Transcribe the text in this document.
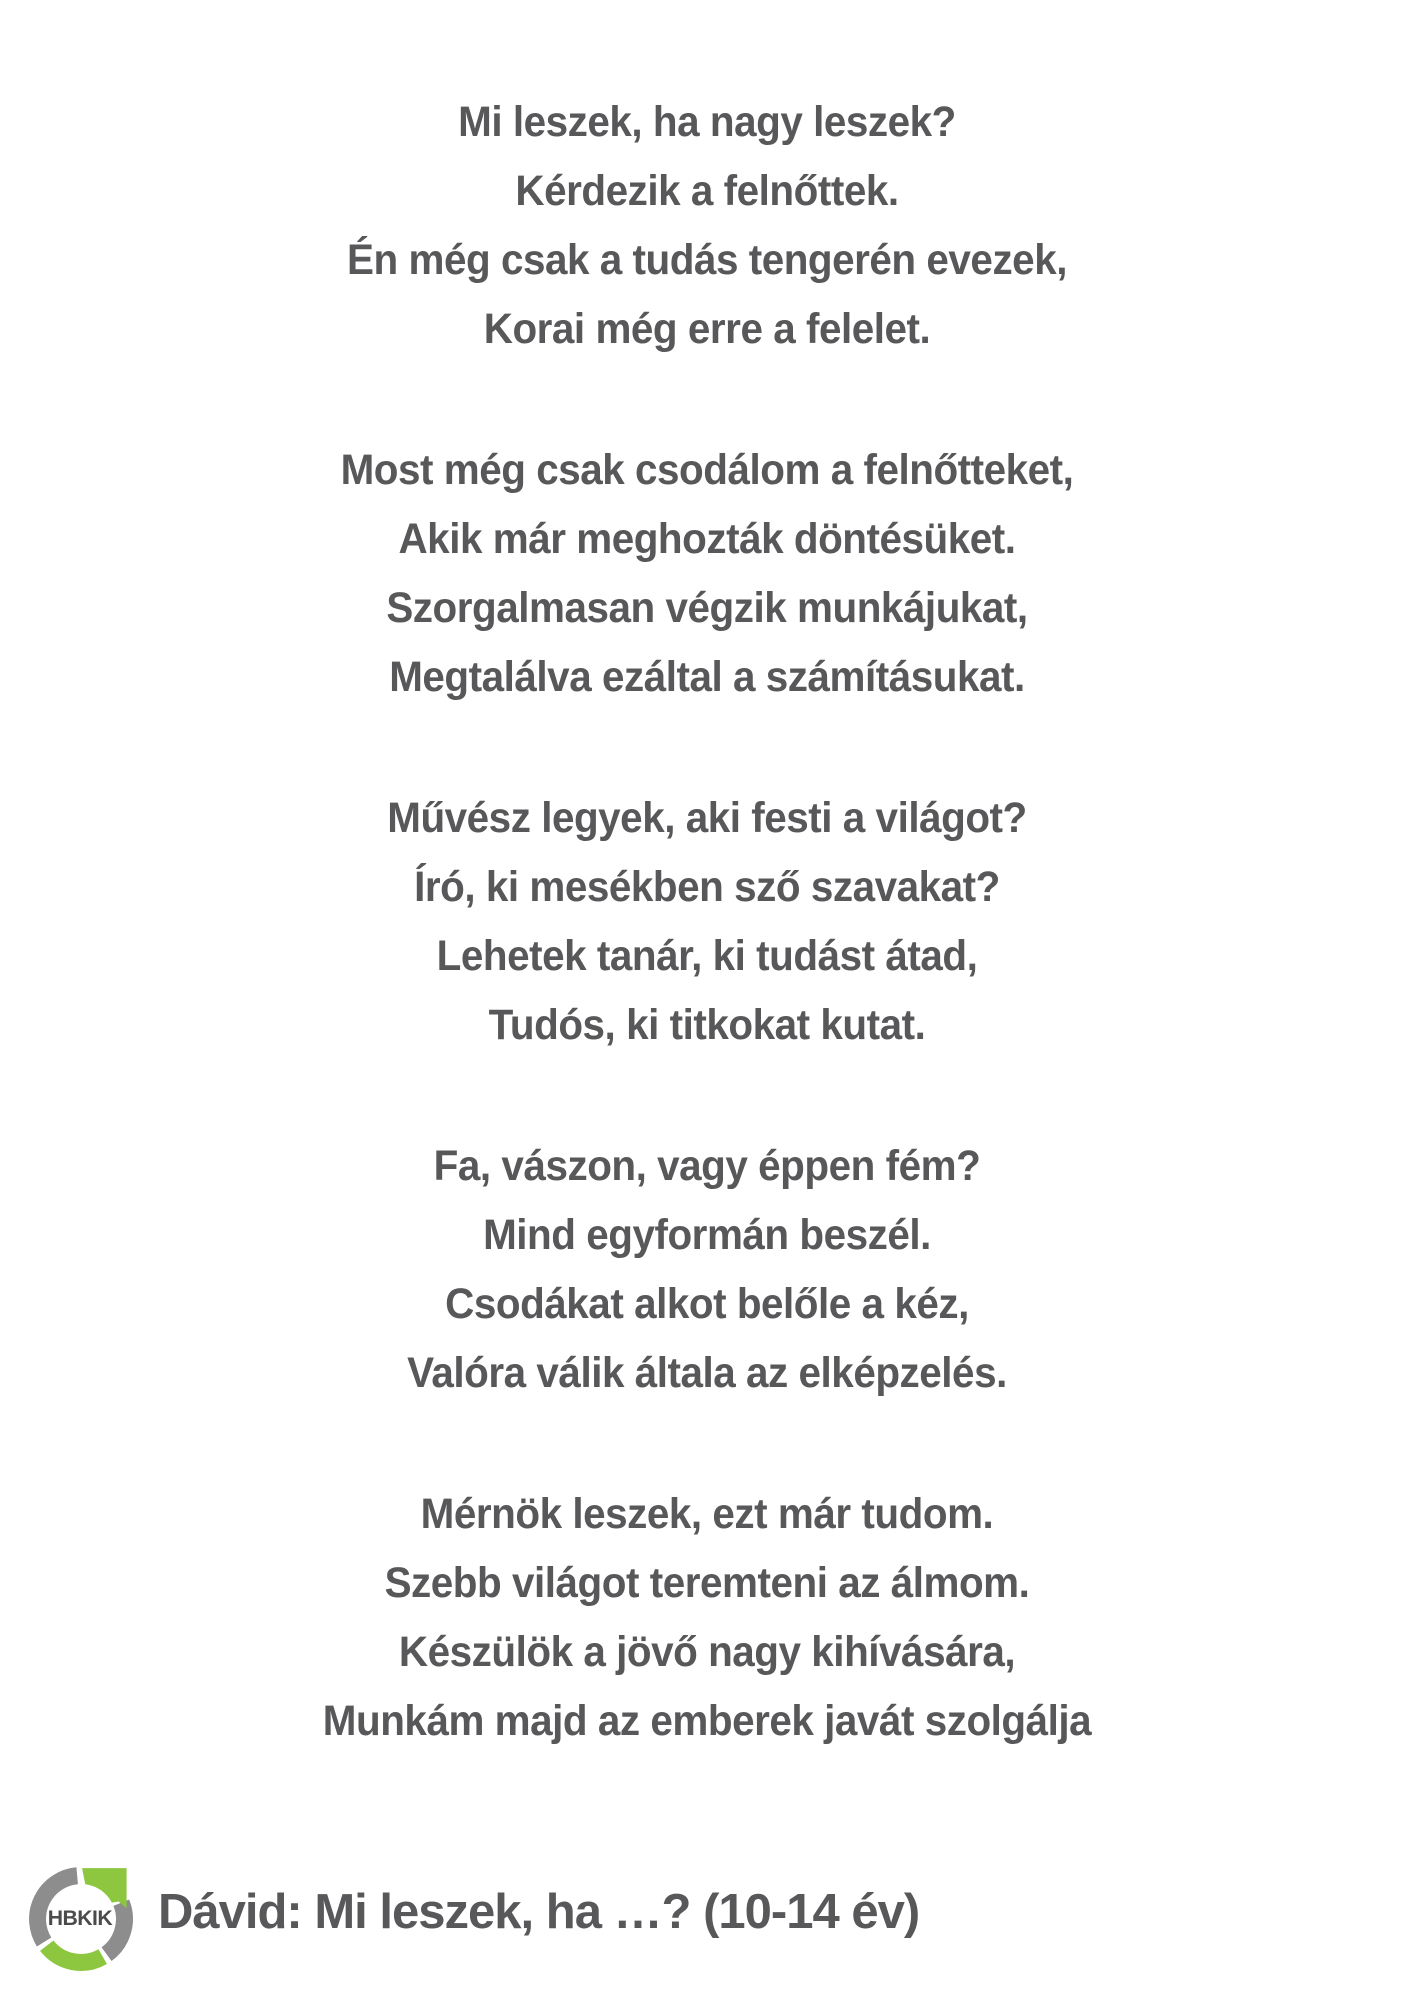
Mi leszek, ha nagy leszek?
Kérdezik a felnőttek.
Én még csak a tudás tengerén evezek,
Korai még erre a felelet.
Most még csak csodálom a felnőtteket,
Akik már meghozták döntésüket.
Szorgalmasan végzik munkájukat,
Megtalálva ezáltal a számításukat.
Művész legyek, aki festi a világot?
Író, ki mesékben sző szavakat?
Lehetek tanár, ki tudást átad,
Tudós, ki titkokat kutat.
Fa, vászon, vagy éppen fém?
Mind egyformán beszél.
Csodákat alkot belőle a kéz,
Valóra válik általa az elképzelés.
Mérnök leszek, ezt már tudom.
Szebb világot teremteni az álmom.
Készülök a jövő nagy kihívására,
Munkám majd az emberek javát szolgálja
HBKIK Dávid: Mi leszek, ha …? (10-14 év)
